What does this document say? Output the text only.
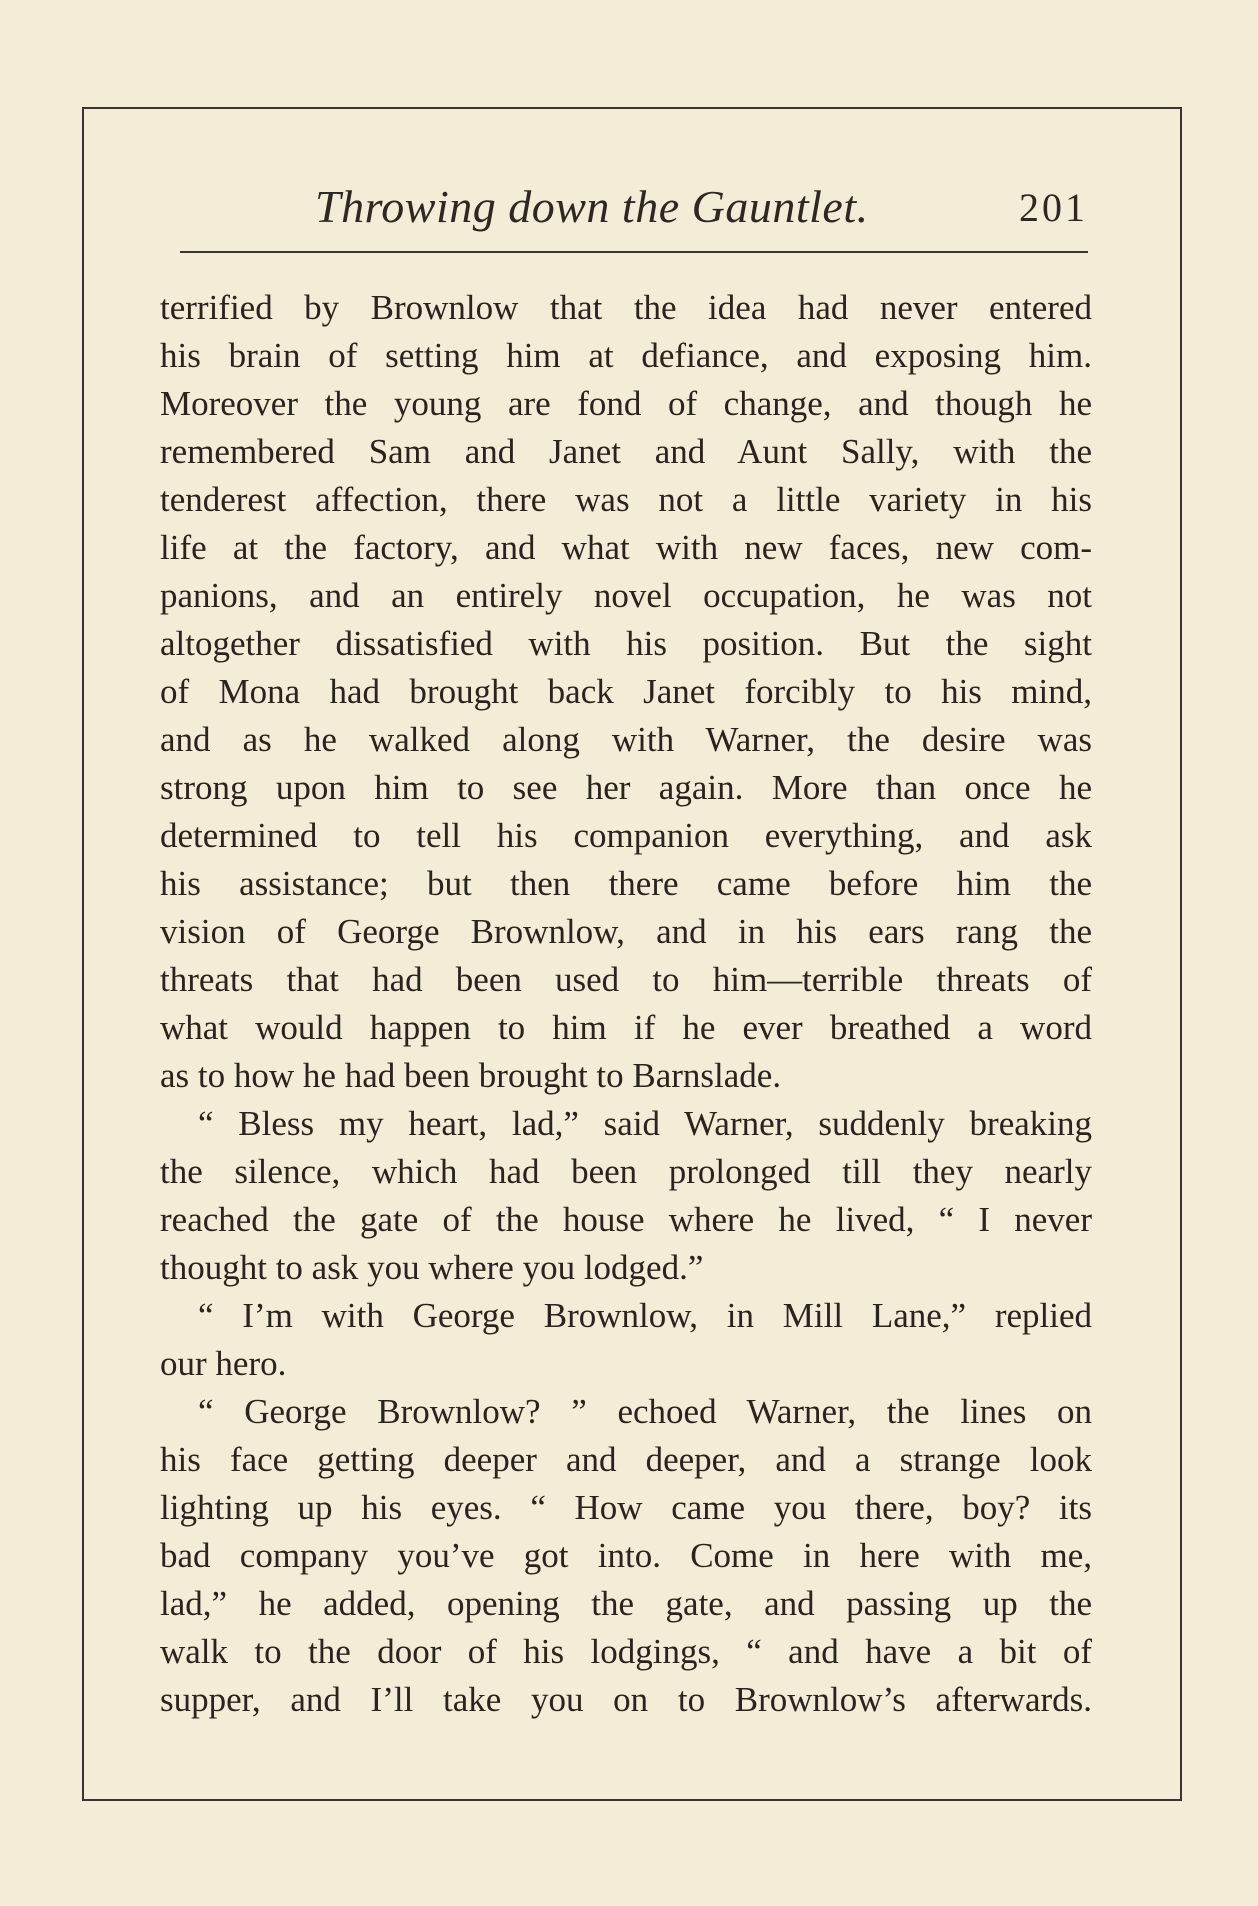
Throwing down the Gauntlet.	201
terrified by Brownlow that the idea had never entered
his brain of setting him at defiance, and exposing him.
Moreover the young are fond of change, and though he
remembered Sam and Janet and Aunt Sally, with the
tenderest affection, there was not a little variety in his
life at the factory, and what with new faces, new com-
panions, and an entirely novel occupation, he was not
altogether dissatisfied with his position. But the sight
of Mona had brought back Janet forcibly to his mind,
and as he walked along with Warner, the desire was
strong upon him to see her again. More than once he
determined to tell his companion everything, and ask
his assistance; but then there came before him the
vision of George Brownlow, and in his ears rang the
threats that had been used to him—terrible threats of
what would happen to him if he ever breathed a word
as to how he had been brought to Barnslade.
“ Bless my heart, lad,” said Warner, suddenly breaking
the silence, which had been prolonged till they nearly
reached the gate of the house where he lived, “ I never
thought to ask you where you lodged.”
“ I’m with George Brownlow, in Mill Lane,” replied
our hero.
“ George Brownlow? ” echoed Warner, the lines on
his face getting deeper and deeper, and a strange look
lighting up his eyes. “ How came you there, boy? its
bad company you’ve got into. Come in here with me,
lad,” he added, opening the gate, and passing up the
walk to the door of his lodgings, “ and have a bit of
supper, and I’ll take you on to Brownlow’s afterwards.
